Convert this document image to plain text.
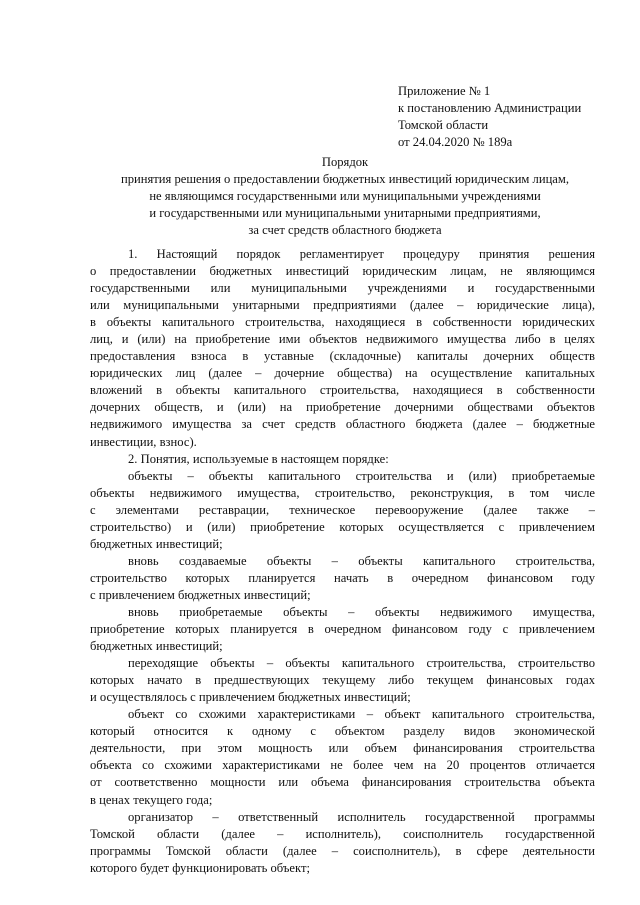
Приложение № 1
к постановлению Администрации
Томской области
от 24.04.2020 № 189а
Порядок
принятия решения о предоставлении бюджетных инвестиций юридическим лицам,
не являющимся государственными или муниципальными учреждениями
и государственными или муниципальными унитарными предприятиями,
за счет средств областного бюджета
1. Настоящий порядок регламентирует процедуру принятия решения
о предоставлении бюджетных инвестиций юридическим лицам, не являющимся
государственными или муниципальными учреждениями и государственными
или муниципальными унитарными предприятиями (далее – юридические лица),
в объекты капитального строительства, находящиеся в собственности юридических
лиц, и (или) на приобретение ими объектов недвижимого имущества либо в целях
предоставления взноса в уставные (складочные) капиталы дочерних обществ
юридических лиц (далее – дочерние общества) на осуществление капитальных
вложений в объекты капитального строительства, находящиеся в собственности
дочерних обществ, и (или) на приобретение дочерними обществами объектов
недвижимого имущества за счет средств областного бюджета (далее – бюджетные
инвестиции, взнос).
2. Понятия, используемые в настоящем порядке:
объекты – объекты капитального строительства и (или) приобретаемые
объекты недвижимого имущества, строительство, реконструкция, в том числе
с элементами реставрации, техническое перевооружение (далее также –
строительство) и (или) приобретение которых осуществляется с привлечением
бюджетных инвестиций;
вновь создаваемые объекты – объекты капитального строительства,
строительство которых планируется начать в очередном финансовом году
с привлечением бюджетных инвестиций;
вновь приобретаемые объекты – объекты недвижимого имущества,
приобретение которых планируется в очередном финансовом году с привлечением
бюджетных инвестиций;
переходящие объекты – объекты капитального строительства, строительство
которых начато в предшествующих текущему либо текущем финансовых годах
и осуществлялось с привлечением бюджетных инвестиций;
объект со схожими характеристиками – объект капитального строительства,
который относится к одному с объектом разделу видов экономической
деятельности, при этом мощность или объем финансирования строительства
объекта со схожими характеристиками не более чем на 20 процентов отличается
от соответственно мощности или объема финансирования строительства объекта
в ценах текущего года;
организатор – ответственный исполнитель государственной программы
Томской области (далее – исполнитель), соисполнитель государственной
программы Томской области (далее – соисполнитель), в сфере деятельности
которого будет функционировать объект;
